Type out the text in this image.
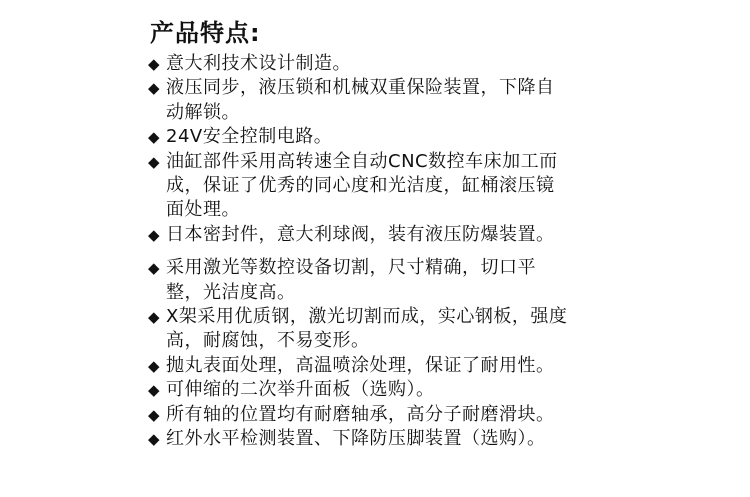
产品特点:
◆ 意大利技术设计制造。
◆ 液压同步，液压锁和机械双重保险装置，下降自
动解锁。
◆ 24V安全控制电路。
◆ 油缸部件采用高转速全自动CNC数控车床加工而
成，保证了优秀的同心度和光洁度，缸桶滚压镜
面处理。
◆ 日本密封件，意大利球阀，装有液压防爆装置。
◆ 采用激光等数控设备切割，尺寸精确，切口平
整，光洁度高。
◆ X架采用优质钢，激光切割而成，实心钢板，强度
高，耐腐蚀，不易变形。
◆ 抛丸表面处理，高温喷涂处理，保证了耐用性。
◆ 可伸缩的二次举升面板（选购）。
◆ 所有轴的位置均有耐磨轴承，高分子耐磨滑块。
◆ 红外水平检测装置、下降防压脚装置（选购）。
